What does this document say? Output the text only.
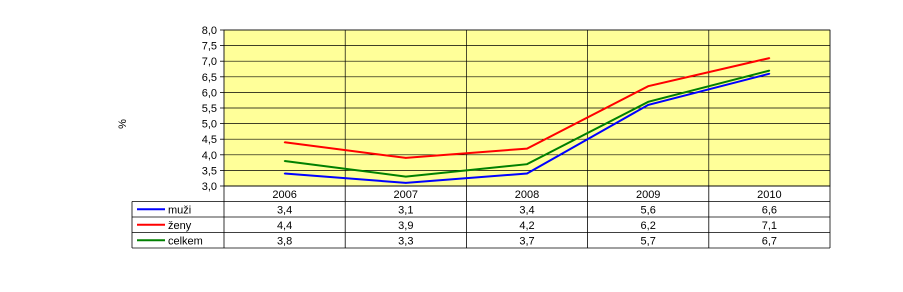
3,0
3,5
4,0
4,5
5,0
5,5
6,0
6,5
7,0
7,5
8,0
%
2006	2007	2008	2009	2010
muži	3,4	3,1	3,4	5,6	6,6
ženy	4,4	3,9	4,2	6,2	7,1
celkem	3,8	3,3	3,7	5,7	6,7
